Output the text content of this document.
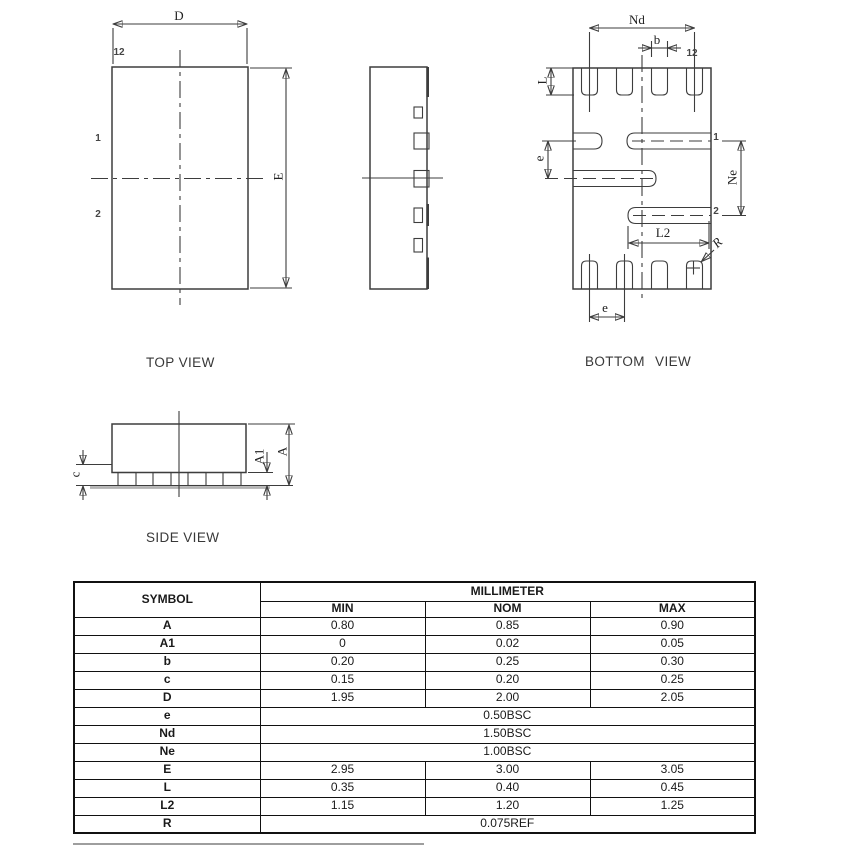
D
E
12
1
2
TOP VIEW
Nd
b
12
L
e
1
2
Ne
L2
R
e
BOTTOM VIEW
c
A1 A
SIDE VIEW
SYMBOL	MILLIMETER		
	MIN	NOM	MAX
A	0.80	0.85	0.90
A1	0	0.02	0.05
b	0.20	0.25	0.30
c	0.15	0.20	0.25
D	1.95	2.00	2.05
e	0.50BSC		
Nd	1.50BSC		
Ne	1.00BSC		
E	2.95	3.00	3.05
L	0.35	0.40	0.45
L2	1.15	1.20	1.25
R	0.075REF		
